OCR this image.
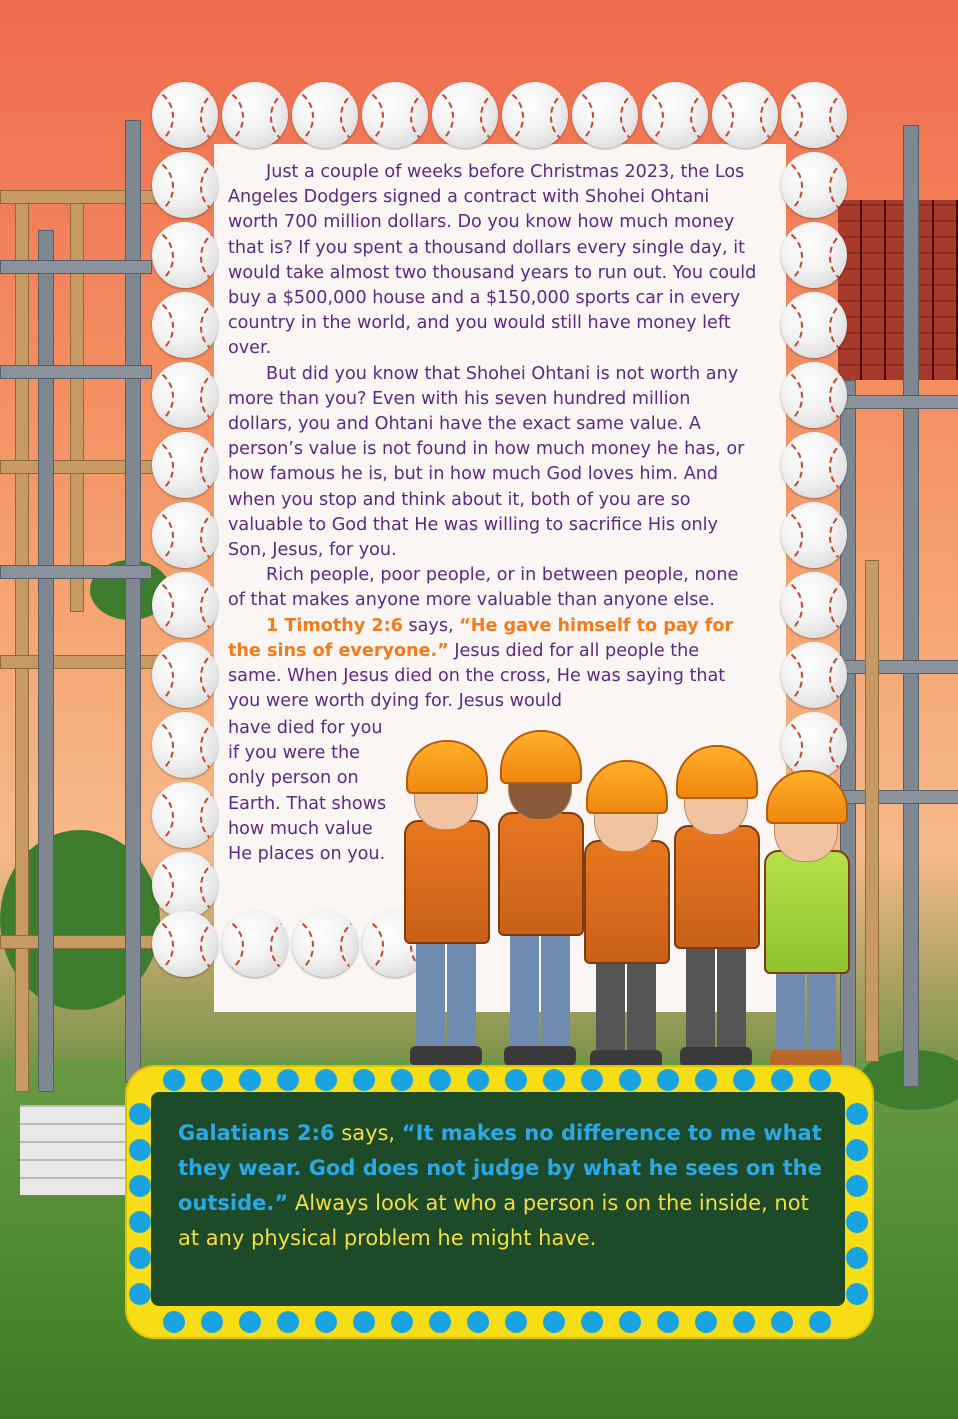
Just a couple of weeks before Christmas 2023, the Los Angeles Dodgers signed a contract with Shohei Ohtani worth 700 million dollars. Do you know how much money that is? If you spent a thousand dollars every single day, it would take almost two thousand years to run out. You could buy a $500,000 house and a $150,000 sports car in every country in the world, and you would still have money left over.

But did you know that Shohei Ohtani is not worth any more than you? Even with his seven hundred million dollars, you and Ohtani have the exact same value. A person’s value is not found in how much money he has, or how famous he is, but in how much God loves him. And when you stop and think about it, both of you are so valuable to God that He was willing to sacrifice His only Son, Jesus, for you.

Rich people, poor people, or in between people, none of that makes anyone more valuable than anyone else.

1 Timothy 2:6 says, “He gave himself to pay for the sins of everyone.” Jesus died for all people the same. When Jesus died on the cross, He was saying that you were worth dying for. Jesus would

have died for you if you were the only person on Earth. That shows how much value He places on you.
Galatians 2:6 says, “It makes no difference to me what they wear. God does not judge by what he sees on the outside.” Always look at who a person is on the inside, not at any physical problem he might have.
